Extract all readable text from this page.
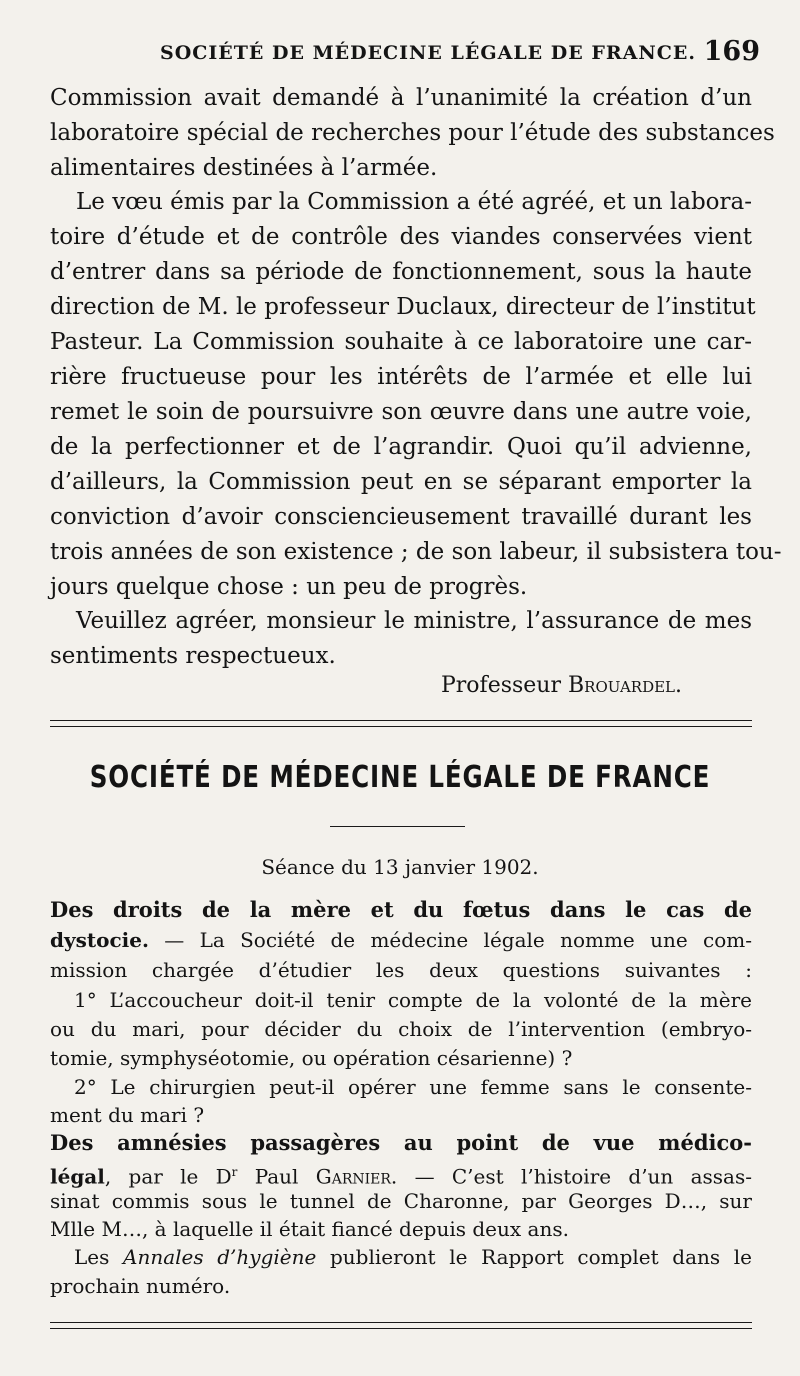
SOCIÉTÉ DE MÉDECINE LÉGALE DE FRANCE. 169
Commission avait demandé à l’unanimité la création d’un
laboratoire spécial de recherches pour l’étude des substances
alimentaires destinées à l’armée.
Le vœu émis par la Commission a été agréé, et un labora-
toire d’étude et de contrôle des viandes conservées vient
d’entrer dans sa période de fonctionnement, sous la haute
direction de M. le professeur Duclaux, directeur de l’institut
Pasteur. La Commission souhaite à ce laboratoire une car-
rière fructueuse pour les intérêts de l’armée et elle lui
remet le soin de poursuivre son œuvre dans une autre voie,
de la perfectionner et de l’agrandir. Quoi qu’il advienne,
d’ailleurs, la Commission peut en se séparant emporter la
conviction d’avoir consciencieusement travaillé durant les
trois années de son existence ; de son labeur, il subsistera tou-
jours quelque chose : un peu de progrès.
Veuillez agréer, monsieur le ministre, l’assurance de mes
sentiments respectueux.
Professeur Brouardel.
SOCIÉTÉ DE MÉDECINE LÉGALE DE FRANCE
Séance du 13 janvier 1902.
Des droits de la mère et du fœtus dans le cas de
dystocie. — La Société de médecine légale nomme une com-
mission chargée d’étudier les deux questions suivantes :
1° L’accoucheur doit-il tenir compte de la volonté de la mère
ou du mari, pour décider du choix de l’intervention (embryo-
tomie, symphyséotomie, ou opération césarienne) ?
2° Le chirurgien peut-il opérer une femme sans le consente-
ment du mari ?
Des amnésies passagères au point de vue médico-
légal, par le $D^r$ Paul Garnier. — C’est l’histoire d’un assas-
sinat commis sous le tunnel de Charonne, par Georges D…, sur
Mlle M…, à laquelle il était fiancé depuis deux ans.
Les Annales d’hygiène publieront le Rapport complet dans le
prochain numéro.
